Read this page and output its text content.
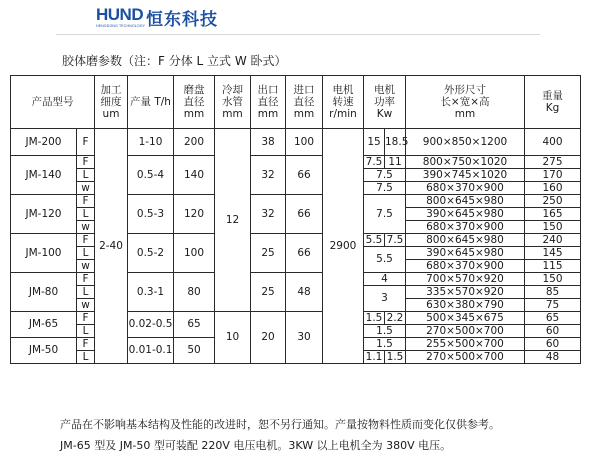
HUND
HENGDONG TECHNOLOGY 恒东科技
胶体磨参数（注：F 分体 L 立式 W 卧式）
产品型号		加工
细度
um	产量 T/h	磨盘
直径
mm	冷却
水管
mm	出口
直径
mm	进口
直径
mm	电机
转速
r/min	电机
功率
Kw		外形尺寸
长×宽×高
mm	重量
Kg
JM-200	F	2-40	1-10	200	12	38	100	2900	15	18.5	900×850×1200	400
JM-140	F		0.5-4	140		32	66		7.5	11	800×750×1020	275
	L								7.5		390×745×1020	170
	w								7.5		680×370×900	160
JM-120	F		0.5-3	120		32	66		7.5		800×645×980	250
	L										390×645×980	165
	w										680×370×900	150
JM-100	F		0.5-2	100		25	66		5.5	7.5	800×645×980	240
	L								5.5		390×645×980	145
	w										680×370×900	115
JM-80	F		0.3-1	80		25	48		4		700×570×920	150
	L								3		335×570×920	85
	w										630×380×790	75
JM-65	F		0.02-0.5	65	10	20	30		1.5	2.2	500×345×675	65
	L								1.5		270×500×700	60
JM-50	F		0.01-0.1	50					1.5		255×500×700	60
	L								1.1	1.5	270×500×700	48
产品在不影响基本结构及性能的改进时，恕不另行通知。产量按物料性质而变化仅供参考。
JM-65 型及 JM-50 型可装配 220V 电压电机。3KW 以上电机全为 380V 电压。
